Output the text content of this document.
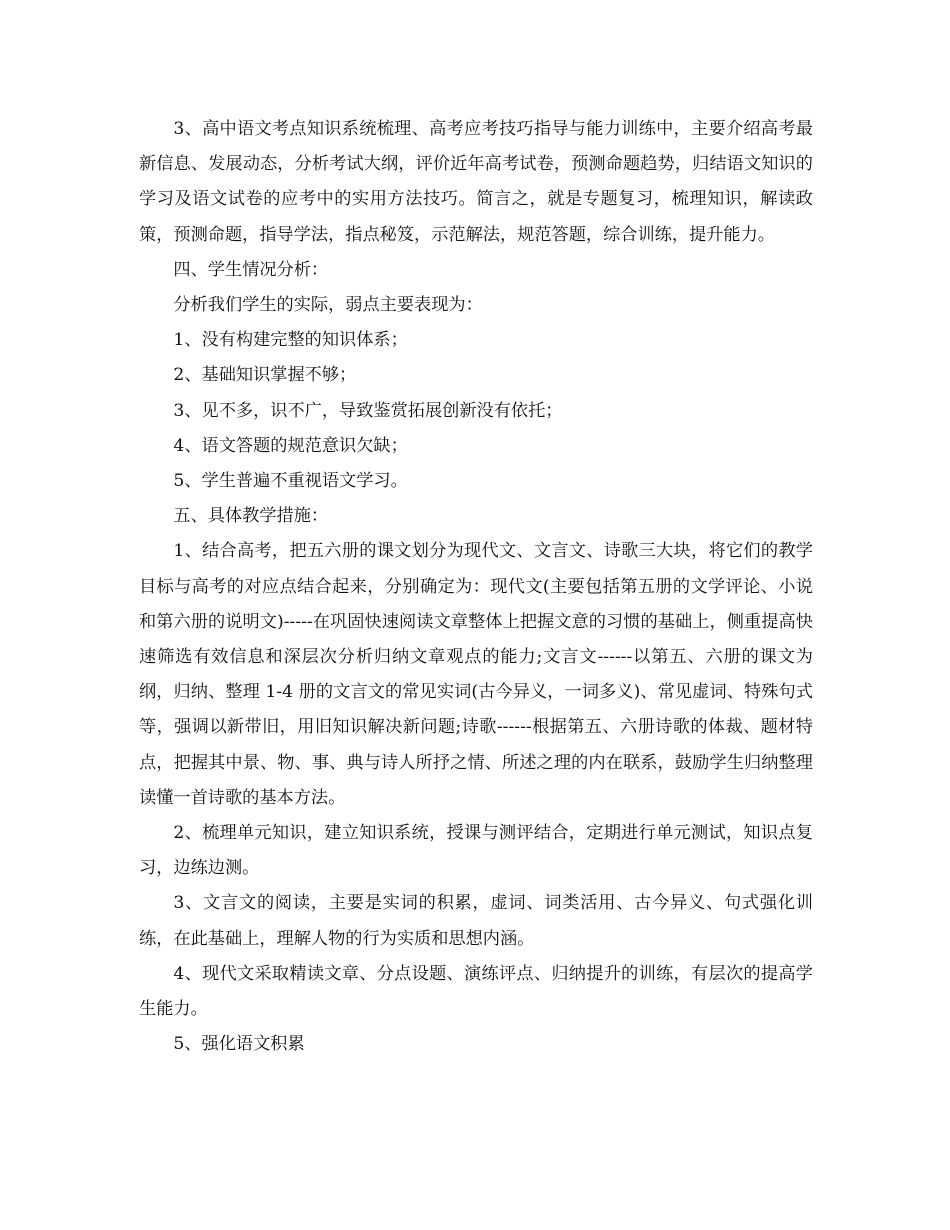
3、高中语文考点知识系统梳理、高考应考技巧指导与能力训练中，主要介绍高考最新信息、发展动态，分析考试大纲，评价近年高考试卷，预测命题趋势，归结语文知识的学习及语文试卷的应考中的实用方法技巧。简言之，就是专题复习，梳理知识，解读政策，预测命题，指导学法，指点秘笈，示范解法，规范答题，综合训练，提升能力。

四、学生情况分析：

分析我们学生的实际，弱点主要表现为：

1、没有构建完整的知识体系；

2、基础知识掌握不够；

3、见不多，识不广，导致鉴赏拓展创新没有依托；

4、语文答题的规范意识欠缺；

5、学生普遍不重视语文学习。

五、具体教学措施：

1、结合高考，把五六册的课文划分为现代文、文言文、诗歌三大块，将它们的教学目标与高考的对应点结合起来，分别确定为：现代文(主要包括第五册的文学评论、小说和第六册的说明文)-----在巩固快速阅读文章整体上把握文意的习惯的基础上，侧重提高快速筛选有效信息和深层次分析归纳文章观点的能力;文言文------以第五、六册的课文为纲，归纳、整理 1-4 册的文言文的常见实词(古今异义，一词多义)、常见虚词、特殊句式等，强调以新带旧，用旧知识解决新问题;诗歌------根据第五、六册诗歌的体裁、题材特点，把握其中景、物、事、典与诗人所抒之情、所述之理的内在联系，鼓励学生归纳整理读懂一首诗歌的基本方法。

2、梳理单元知识，建立知识系统，授课与测评结合，定期进行单元测试，知识点复习，边练边测。

3、文言文的阅读，主要是实词的积累，虚词、词类活用、古今异义、句式强化训练，在此基础上，理解人物的行为实质和思想内涵。

4、现代文采取精读文章、分点设题、演练评点、归纳提升的训练，有层次的提高学生能力。

5、强化语文积累
